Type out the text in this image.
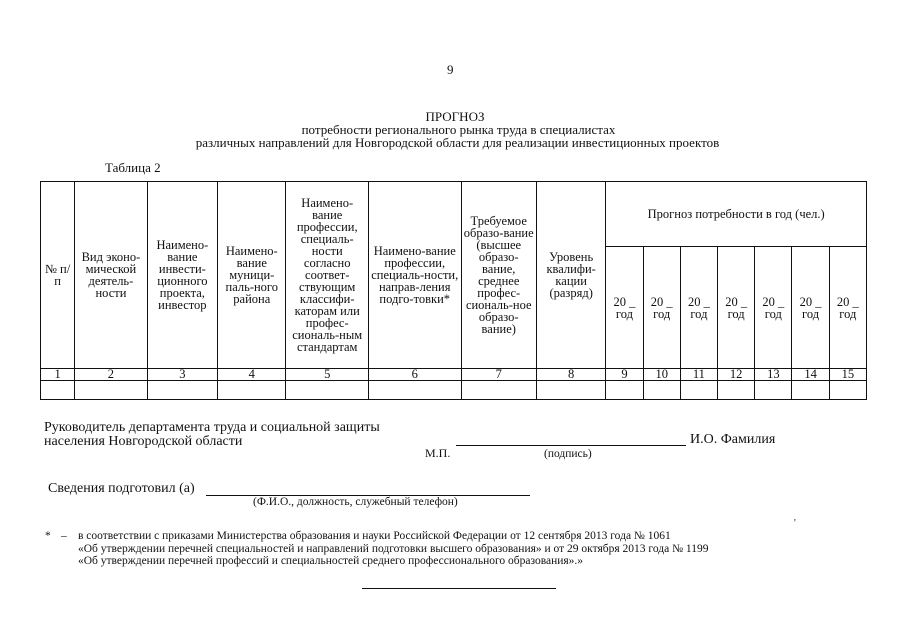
9
ПРОГНОЗ
потребности регионального рынка труда в специалистах
различных направлений для Новгородской области для реализации инвестиционных проектов
Таблица 2
№ п/п	Вид эконо-мической деятель-ности	Наимено-вание инвести-ционного проекта, инвестор	Наимено-вание муници-паль-ного района	Наимено-вание профессии, специаль-ности согласно соответ-ствующим классифи-каторам или профес-сиональ-ным стандартам	Наимено-вание профессии, специаль-ности, направ-ления подго-товки*	Требуемое образо-вание (высшее образо-вание, среднее профес-сиональ-ное образо-вание)	Уровень квалифи-кации (разряд)	Прогноз потребности в год (чел.)						
								20 _ год	20 _ год	20 _ год	20 _ год	20 _ год	20 _ год	20 _ год
1	2	3	4	5	6	7	8	9	10	11	12	13	14	15

Руководитель департамента труда и социальной защиты
населения Новгородской области	И.О. Фамилия
М.П.	(подпись)
Сведения подготовил (а)
(Ф.И.О., должность, служебный телефон)
'
* – в соответствии с приказами Министерства образования и науки Российской Федерации от 12 сентября 2013 года № 1061
«Об утверждении перечней специальностей и направлений подготовки высшего образования» и от 29 октября 2013 года № 1199
«Об утверждении перечней профессий и специальностей среднего профессионального образования».»
